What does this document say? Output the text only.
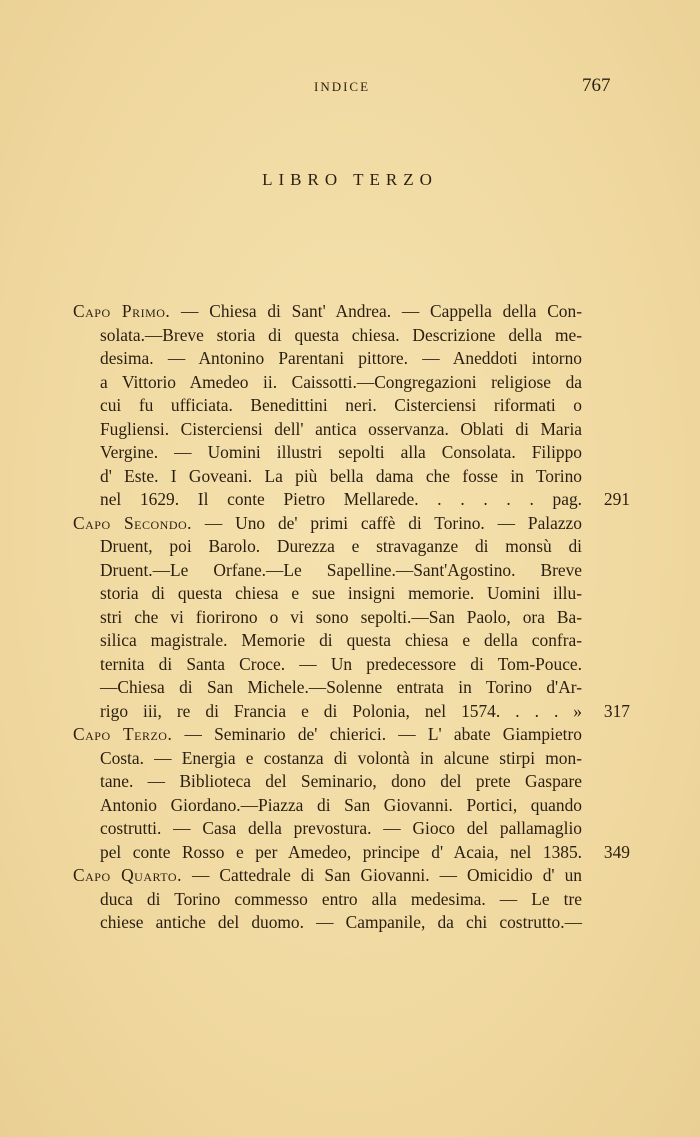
INDICE	767
LIBRO TERZO
Capo Primo. — Chiesa di Sant' Andrea. — Cappella della Con-
solata.—Breve storia di questa chiesa. Descrizione della me-
desima. — Antonino Parentani pittore. — Aneddoti intorno
a Vittorio Amedeo ii. Caissotti.—Congregazioni religiose da
cui fu ufficiata. Benedittini neri. Cisterciensi riformati o
Fugliensi. Cisterciensi dell' antica osservanza. Oblati di Maria
Vergine. — Uomini illustri sepolti alla Consolata. Filippo
d' Este. I Goveani. La più bella dama che fosse in Torino
nel 1629. Il conte Pietro Mellarede. . . . . . pag.	291
Capo Secondo. — Uno de' primi caffè di Torino. — Palazzo
Druent, poi Barolo. Durezza e stravaganze di monsù di
Druent.—Le Orfane.—Le Sapelline.—Sant'Agostino. Breve
storia di questa chiesa e sue insigni memorie. Uomini illu-
stri che vi fiorirono o vi sono sepolti.—San Paolo, ora Ba-
silica magistrale. Memorie di questa chiesa e della confra-
ternita di Santa Croce. — Un predecessore di Tom-Pouce.
—Chiesa di San Michele.—Solenne entrata in Torino d'Ar-
rigo iii, re di Francia e di Polonia, nel 1574. . . . »	317
Capo Terzo. — Seminario de' chierici. — L' abate Giampietro
Costa. — Energia e costanza di volontà in alcune stirpi mon-
tane. — Biblioteca del Seminario, dono del prete Gaspare
Antonio Giordano.—Piazza di San Giovanni. Portici, quando
costrutti. — Casa della prevostura. — Gioco del pallamaglio
pel conte Rosso e per Amedeo, principe d' Acaia, nel 1385.	349
Capo Quarto. — Cattedrale di San Giovanni. — Omicidio d' un
duca di Torino commesso entro alla medesima. — Le tre
chiese antiche del duomo. — Campanile, da chi costrutto.—
